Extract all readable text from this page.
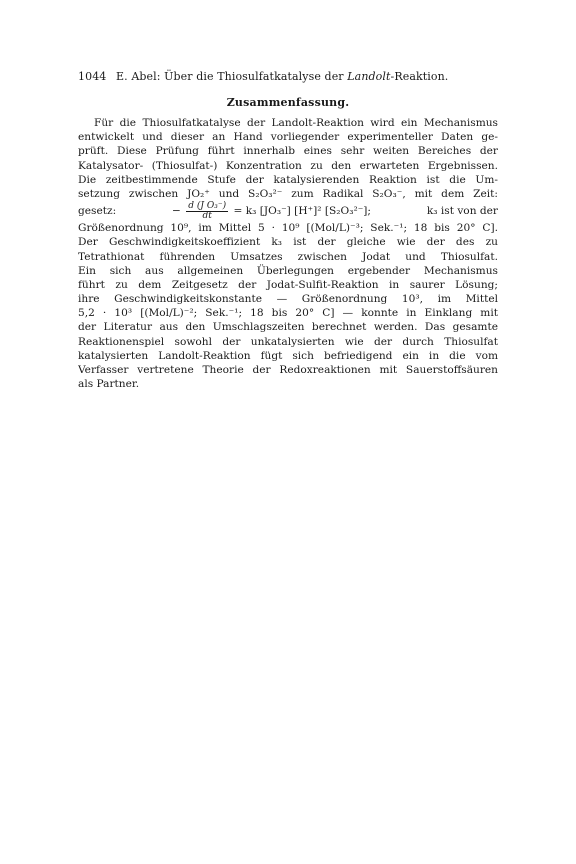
1044 E. Abel: Über die Thiosulfatkatalyse der Landolt-Reaktion.
Zusammenfassung.
Für die Thiosulfatkatalyse der Landolt-Reaktion wird ein Mechanismus
entwickelt und dieser an Hand vorliegender experimenteller Daten ge-
prüft. Diese Prüfung führt innerhalb eines sehr weiten Bereiches der
Katalysator- (Thiosulfat-) Konzentration zu den erwarteten Ergebnissen.
Die zeitbestimmende Stufe der katalysierenden Reaktion ist die Um-
setzung zwischen JO₂⁺ und S₂O₃²⁻ zum Radikal S₂O₃⁻, mit dem Zeit:
gesetz:	− $\frac{\text{d (J O₃⁻)}}{dt} = k_3$ [JO₃⁻] [H⁺]² [S₂O₃²⁻];	k₃ ist von der
Größenordnung 10⁹, im Mittel 5 · 10⁹ [(Mol/L)⁻³; Sek.⁻¹; 18 bis 20° C].
Der Geschwindigkeitskoeffizient k₃ ist der gleiche wie der des zu
Tetrathionat führenden Umsatzes zwischen Jodat und Thiosulfat.
Ein sich aus allgemeinen Überlegungen ergebender Mechanismus
führt zu dem Zeitgesetz der Jodat-Sulfit-Reaktion in saurer Lösung;
ihre Geschwindigkeitskonstante — Größenordnung 10³, im Mittel
5,2 · 10³ [(Mol/L)⁻²; Sek.⁻¹; 18 bis 20° C] — konnte in Einklang mit
der Literatur aus den Umschlagszeiten berechnet werden. Das gesamte
Reaktionenspiel sowohl der unkatalysierten wie der durch Thiosulfat
katalysierten Landolt-Reaktion fügt sich befriedigend ein in die vom
Verfasser vertretene Theorie der Redoxreaktionen mit Sauerstoffsäuren
als Partner.
